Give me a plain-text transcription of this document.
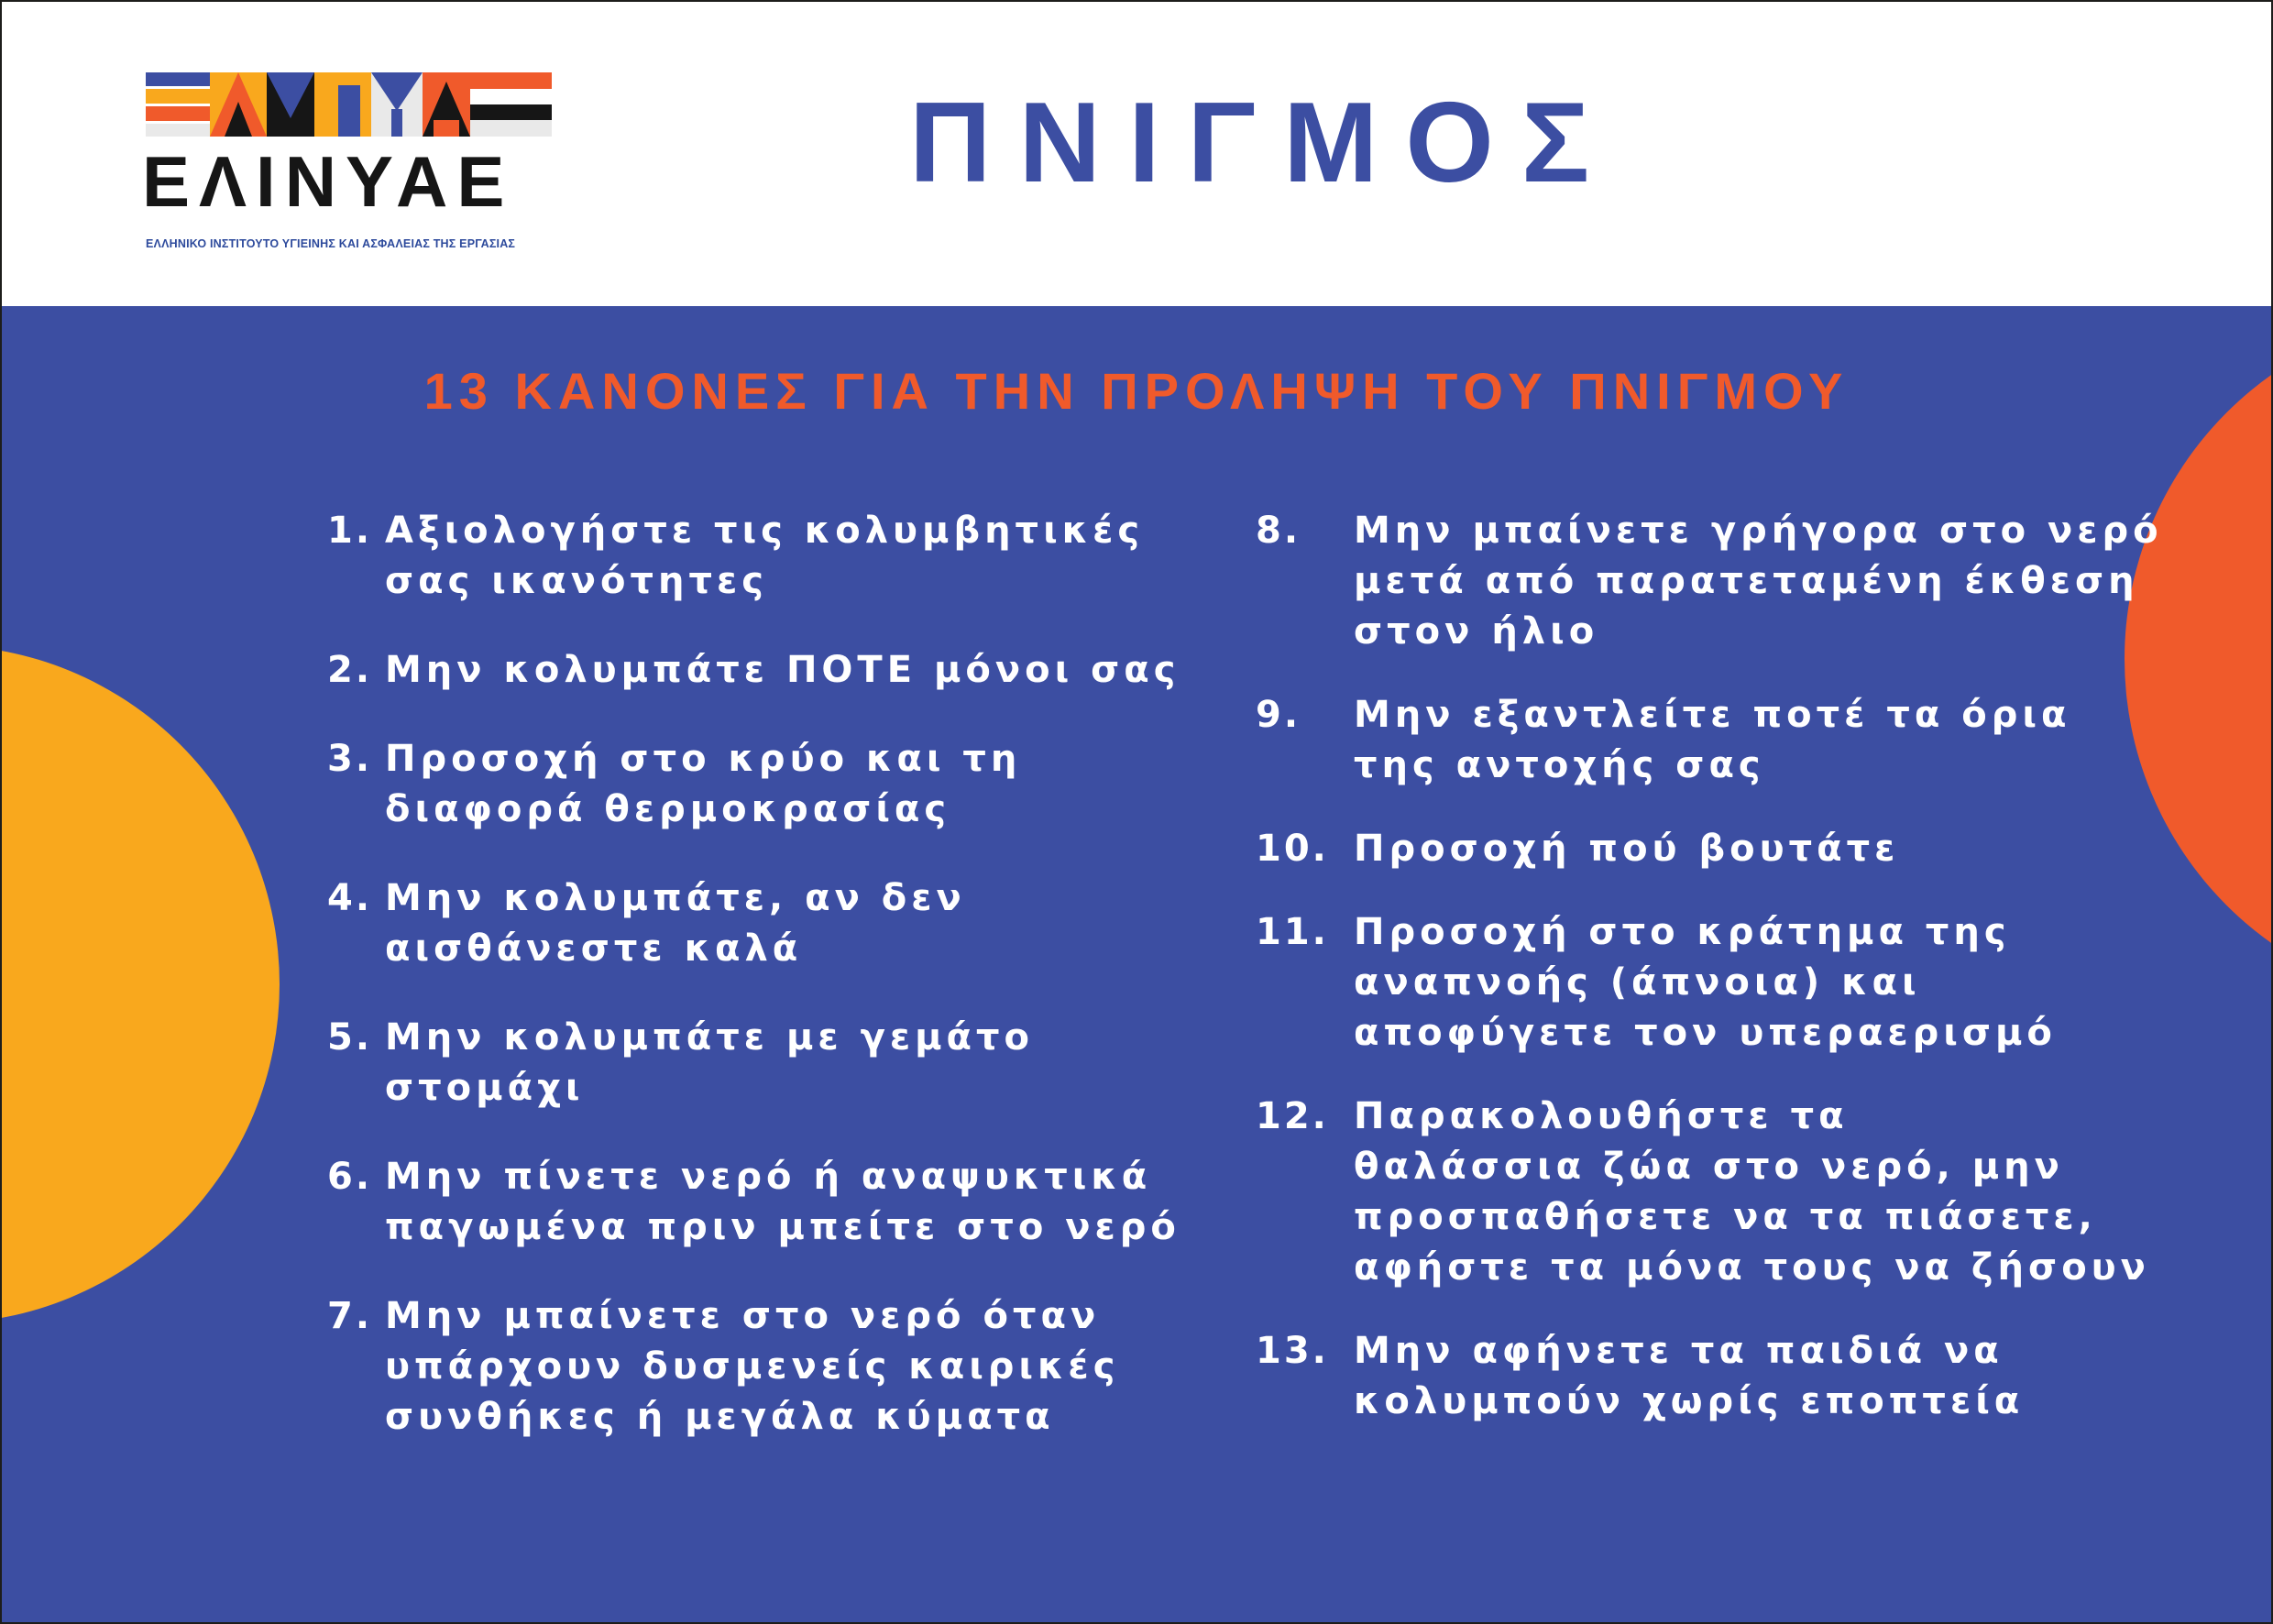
ΕΛΙΝΥΑΕ
ΕΛΛΗΝΙΚΟ ΙΝΣΤΙΤΟΥΤΟ ΥΓΙΕΙΝΗΣ ΚΑΙ ΑΣΦΑΛΕΙΑΣ ΤΗΣ ΕΡΓΑΣΙΑΣ
ΠΝΙΓΜΟΣ
13 ΚΑΝΟΝΕΣ ΓΙΑ ΤΗΝ ΠΡΟΛΗΨΗ ΤΟΥ ΠΝΙΓΜΟΥ
1. Αξιολογήστε τις κολυμβητικές
σας ικανότητες
2. Μην κολυμπάτε ΠΟΤΕ μόνοι σας
3. Προσοχή στο κρύο και τη
διαφορά θερμοκρασίας
4. Μην κολυμπάτε, αν δεν
αισθάνεστε καλά
5. Μην κολυμπάτε με γεμάτο
στομάχι
6. Μην πίνετε νερό ή αναψυκτικά
παγωμένα πριν μπείτε στο νερό
7. Μην μπαίνετε στο νερό όταν
υπάρχουν δυσμενείς καιρικές
συνθήκες ή μεγάλα κύματα
8.	Μην μπαίνετε γρήγορα στο νερό
μετά από παρατεταμένη έκθεση
στον ήλιο
9.	Μην εξαντλείτε ποτέ τα όρια
της αντοχής σας
10. Προσοχή πού βουτάτε
11. Προσοχή στο κράτημα της
αναπνοής (άπνοια) και
αποφύγετε τον υπεραερισμό
12. Παρακολουθήστε τα
θαλάσσια ζώα στο νερό, μην
προσπαθήσετε να τα πιάσετε,
αφήστε τα μόνα τους να ζήσουν
13. Μην αφήνετε τα παιδιά να
κολυμπούν χωρίς εποπτεία
